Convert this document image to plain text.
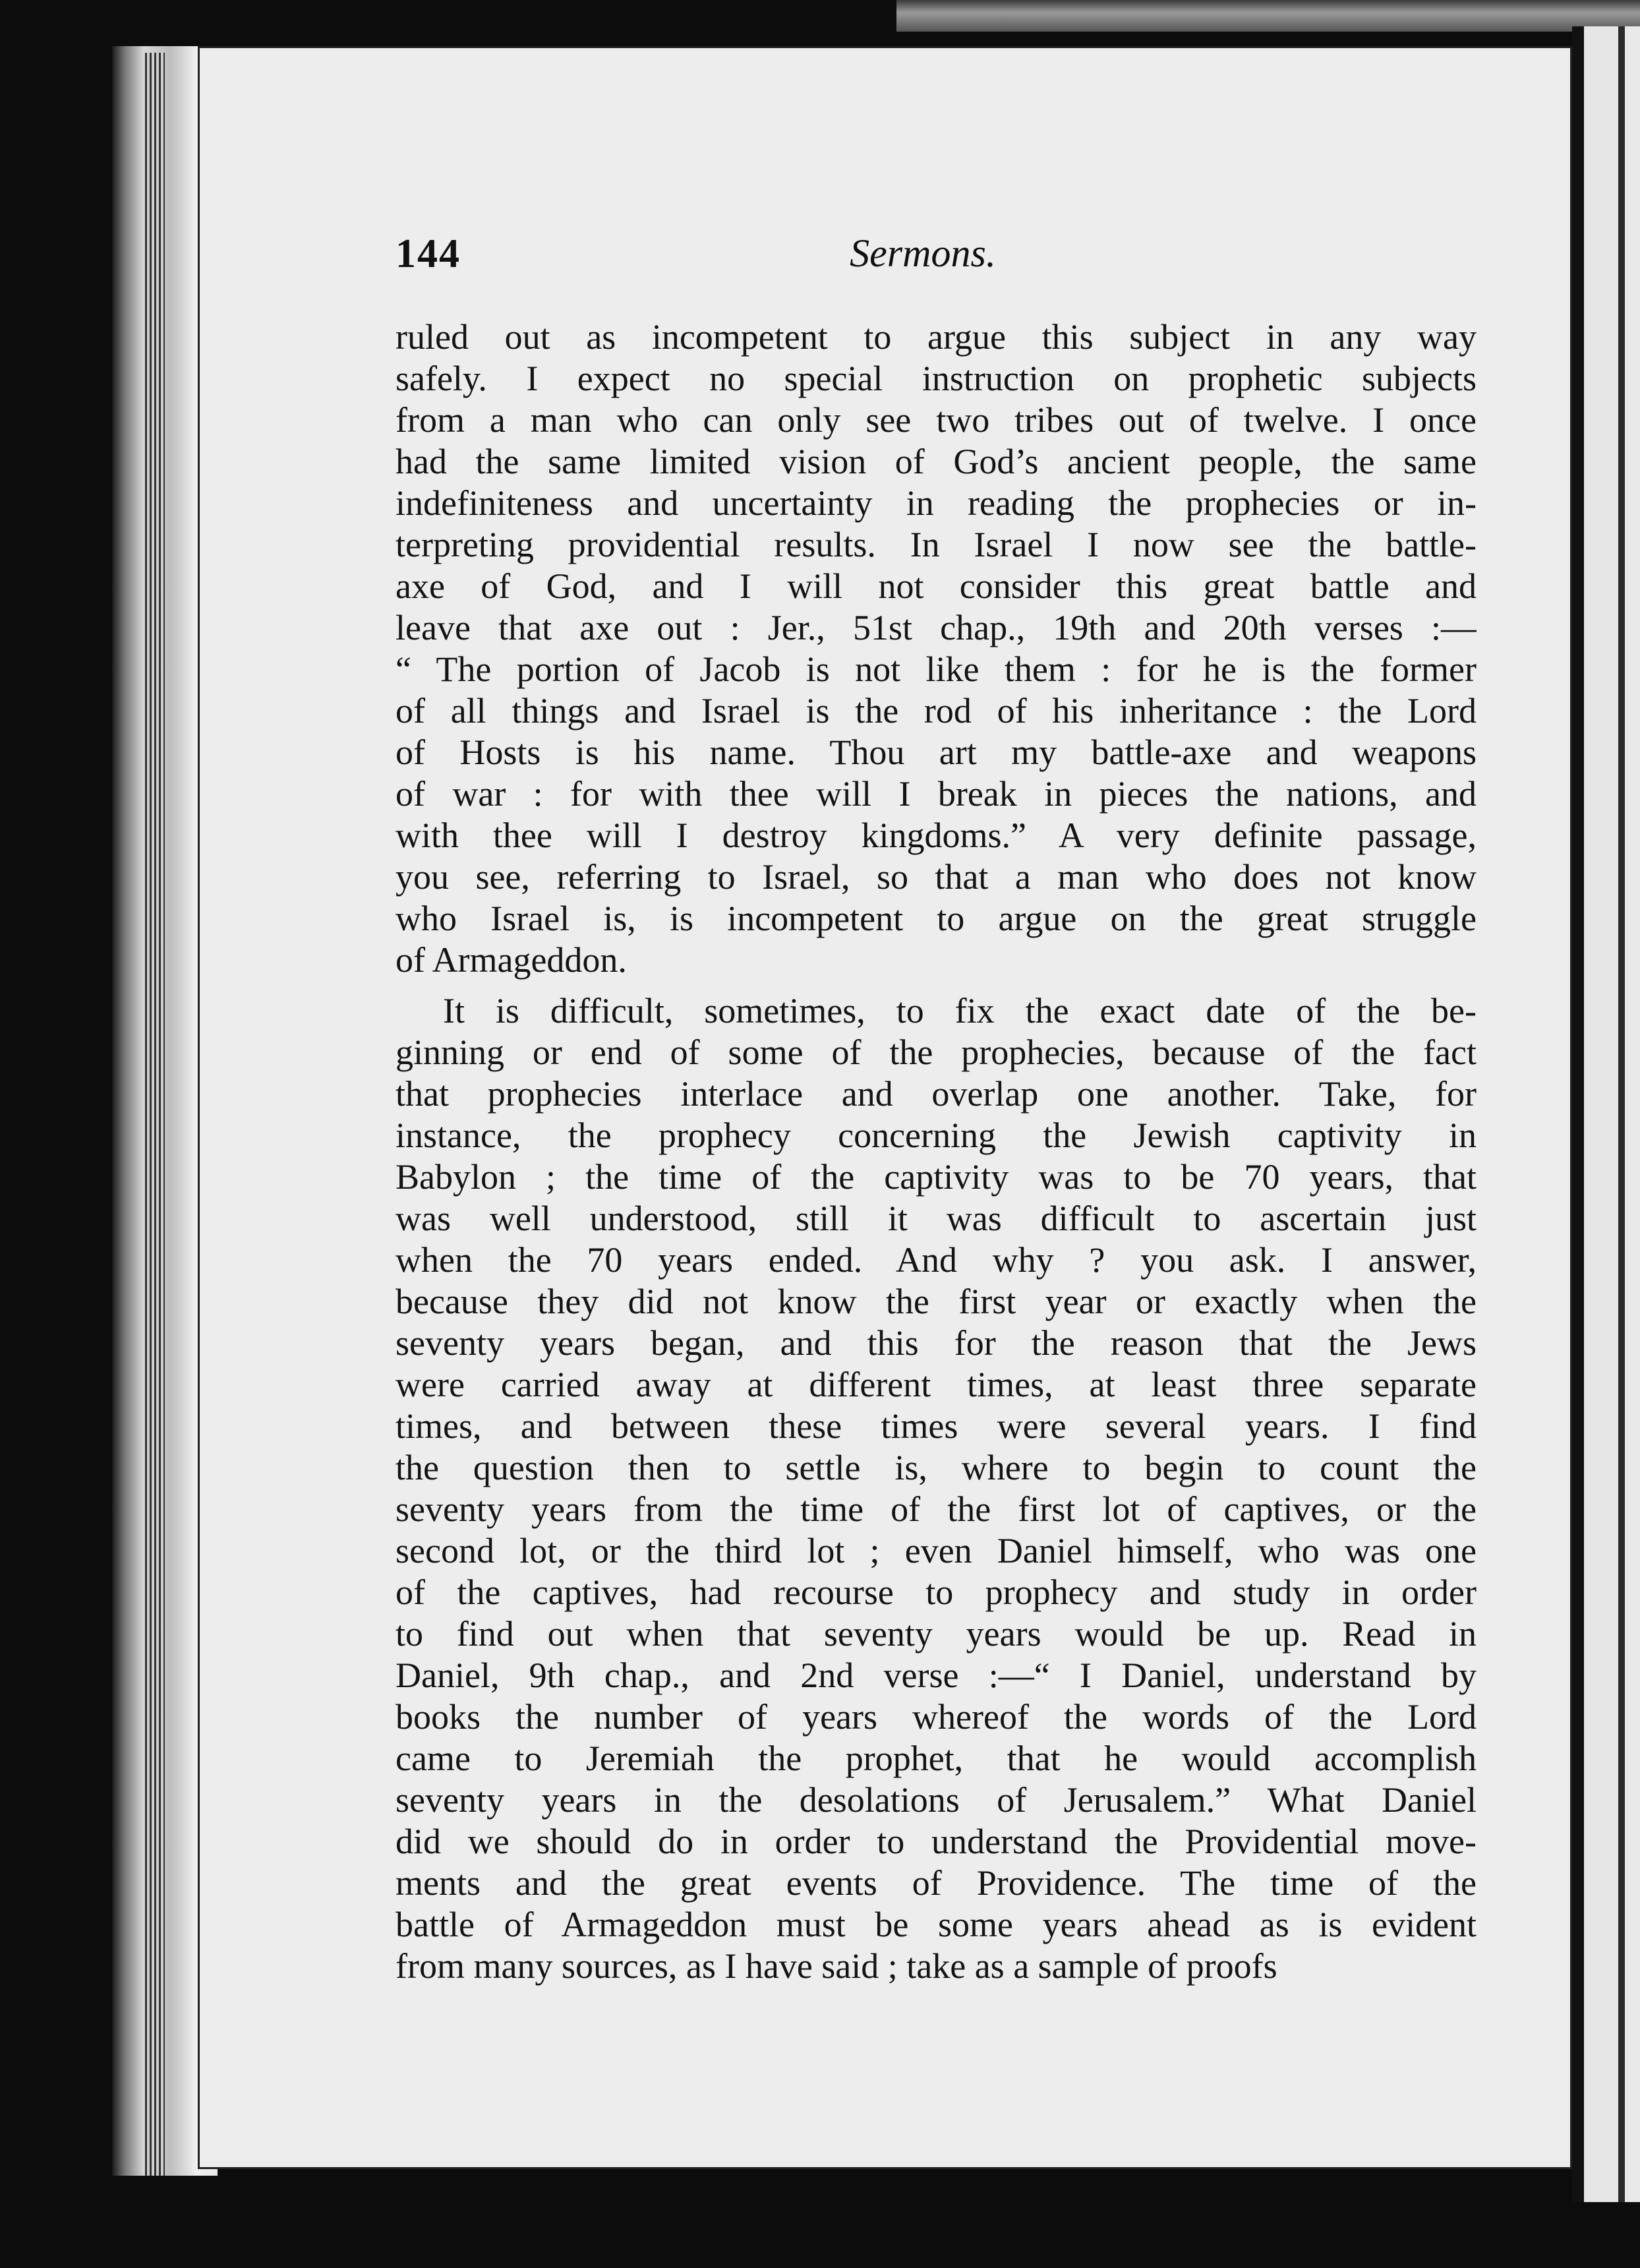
144	Sermons.
ruled out as incompetent to argue this subject in any way
safely. I expect no special instruction on prophetic subjects
from a man who can only see two tribes out of twelve. I once
had the same limited vision of God’s ancient people, the same
indefiniteness and uncertainty in reading the prophecies or in-
terpreting providential results. In Israel I now see the battle-
axe of God, and I will not consider this great battle and
leave that axe out : Jer., 51st chap., 19th and 20th verses :—
“ The portion of Jacob is not like them : for he is the former
of all things and Israel is the rod of his inheritance : the Lord
of Hosts is his name. Thou art my battle-axe and weapons
of war : for with thee will I break in pieces the nations, and
with thee will I destroy kingdoms.” A very definite passage,
you see, referring to Israel, so that a man who does not know
who Israel is, is incompetent to argue on the great struggle
of Armageddon.
It is difficult, sometimes, to fix the exact date of the be-
ginning or end of some of the prophecies, because of the fact
that prophecies interlace and overlap one another. Take, for
instance, the prophecy concerning the Jewish captivity in
Babylon ; the time of the captivity was to be 70 years, that
was well understood, still it was difficult to ascertain just
when the 70 years ended. And why ? you ask. I answer,
because they did not know the first year or exactly when the
seventy years began, and this for the reason that the Jews
were carried away at different times, at least three separate
times, and between these times were several years. I find
the question then to settle is, where to begin to count the
seventy years from the time of the first lot of captives, or the
second lot, or the third lot ; even Daniel himself, who was one
of the captives, had recourse to prophecy and study in order
to find out when that seventy years would be up. Read in
Daniel, 9th chap., and 2nd verse :—“ I Daniel, understand by
books the number of years whereof the words of the Lord
came to Jeremiah the prophet, that he would accomplish
seventy years in the desolations of Jerusalem.” What Daniel
did we should do in order to understand the Providential move-
ments and the great events of Providence. The time of the
battle of Armageddon must be some years ahead as is evident
from many sources, as I have said ; take as a sample of proofs
